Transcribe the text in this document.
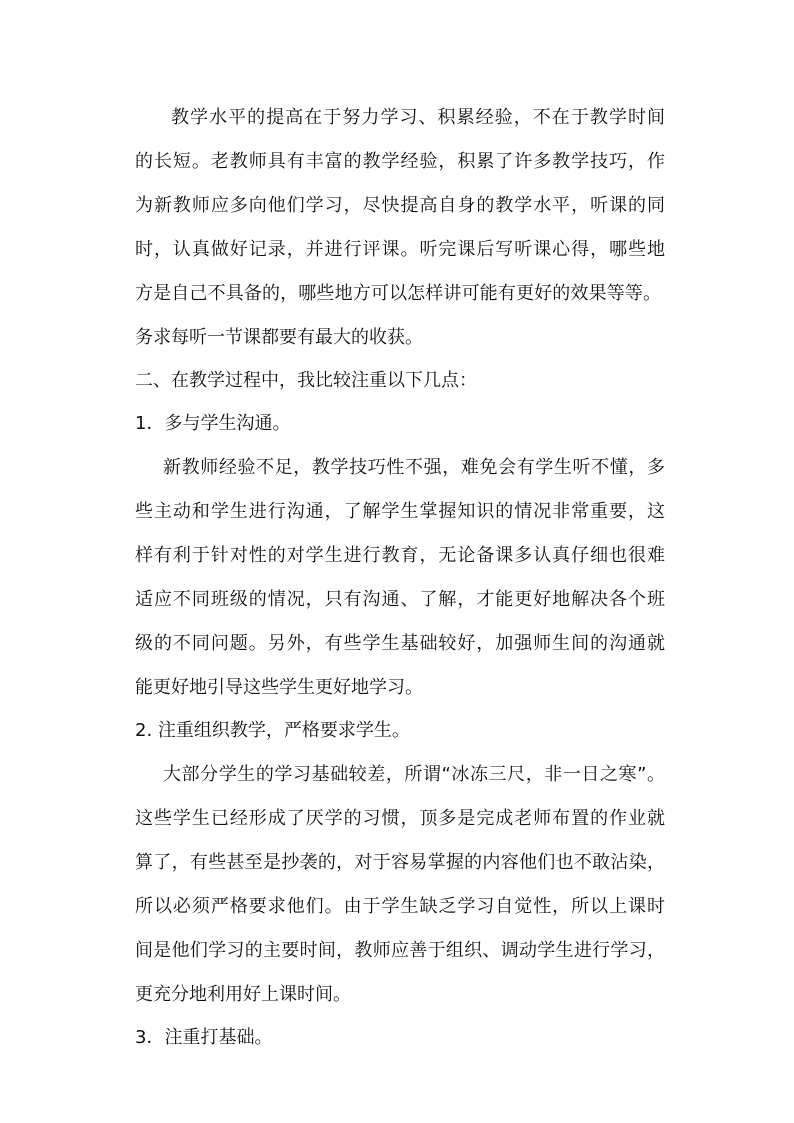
教学水平的提高在于努力学习、积累经验，不在于教学时间
的长短。老教师具有丰富的教学经验，积累了许多教学技巧，作
为新教师应多向他们学习，尽快提高自身的教学水平，听课的同
时，认真做好记录，并进行评课。听完课后写听课心得，哪些地
方是自己不具备的，哪些地方可以怎样讲可能有更好的效果等等。
务求每听一节课都要有最大的收获。
二、在教学过程中，我比较注重以下几点：
1．多与学生沟通。
新教师经验不足，教学技巧性不强，难免会有学生听不懂，多
些主动和学生进行沟通，了解学生掌握知识的情况非常重要，这
样有利于针对性的对学生进行教育，无论备课多认真仔细也很难
适应不同班级的情况，只有沟通、了解，才能更好地解决各个班
级的不同问题。另外，有些学生基础较好，加强师生间的沟通就
能更好地引导这些学生更好地学习。
2. 注重组织教学，严格要求学生。
大部分学生的学习基础较差，所谓“冰冻三尺，非一日之寒”。
这些学生已经形成了厌学的习惯，顶多是完成老师布置的作业就
算了，有些甚至是抄袭的，对于容易掌握的内容他们也不敢沾染，
所以必须严格要求他们。由于学生缺乏学习自觉性，所以上课时
间是他们学习的主要时间，教师应善于组织、调动学生进行学习，
更充分地利用好上课时间。
3．注重打基础。
